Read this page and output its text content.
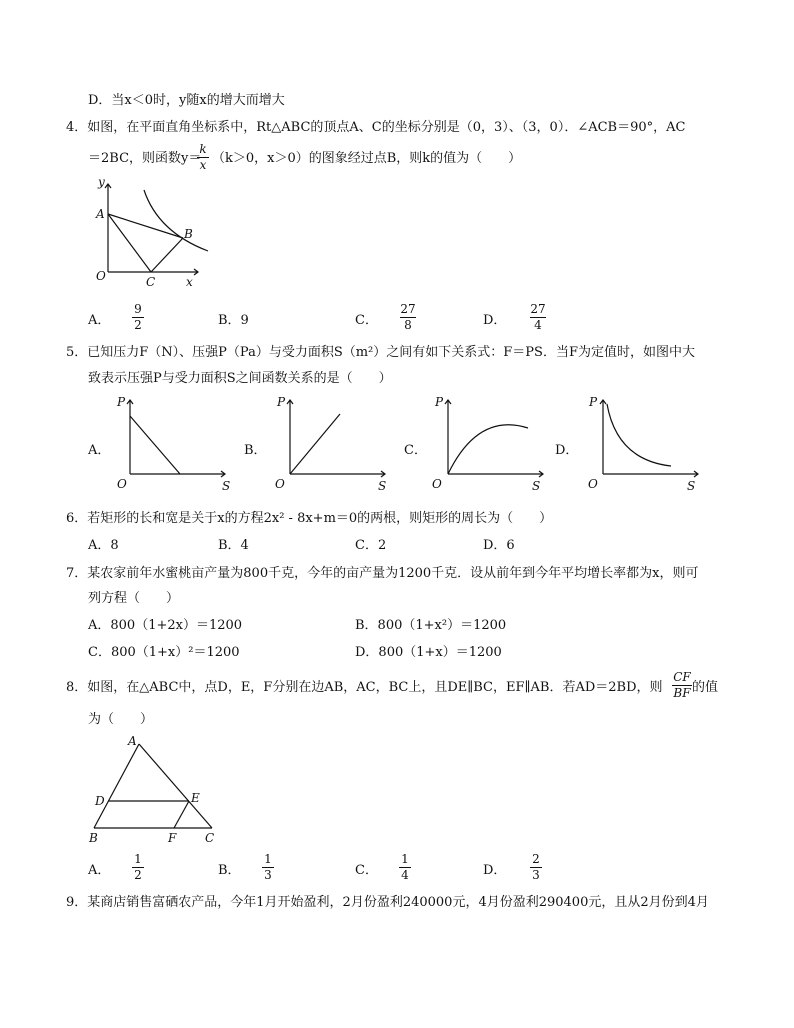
D．当x＜0时，y随x的增大而增大
4．如图，在平面直角坐标系中，Rt△ABC的顶点A、C的坐标分别是（0，3）、（3，0）．∠ACB＝90°，AC
＝2BC，则函数y＝
k
x （k＞0，x＞0）的图象经过点B，则k的值为（　　）
y
x
A
B
C
O
A．
9
2	B．9	C．
27
8	D．
27
4
5．已知压力F（N）、压强P（Pa）与受力面积S（m²）之间有如下关系式：F＝PS．当F为定值时，如图中大
致表示压强P与受力面积S之间函数关系的是（　　）
A．
P
S
O
B．
P
S
O
C．
P
S
O
D．
P
S
O
6．若矩形的长和宽是关于x的方程2x² - 8x+m＝0的两根，则矩形的周长为（　　）
A．8	B．4	C．2	D．6
7．某农家前年水蜜桃亩产量为800千克，今年的亩产量为1200千克．设从前年到今年平均增长率都为x，则可
列方程（　　）
A．800（1+2x）＝1200	B．800（1+x²）＝1200
C．800（1+x）²＝1200	D．800（1+x）＝1200
8．如图，在△ABC中，点D，E，F分别在边AB，AC，BC上，且DE∥BC，EF∥AB．若AD＝2BD，则
CF
BF 的值
为（　　）
A
D	E
B	F C
A．
1
2	B．
1
3	C．
1
4	D．
2
3
9．某商店销售富硒农产品，今年1月开始盈利，2月份盈利240000元，4月份盈利290400元，且从2月份到4月
